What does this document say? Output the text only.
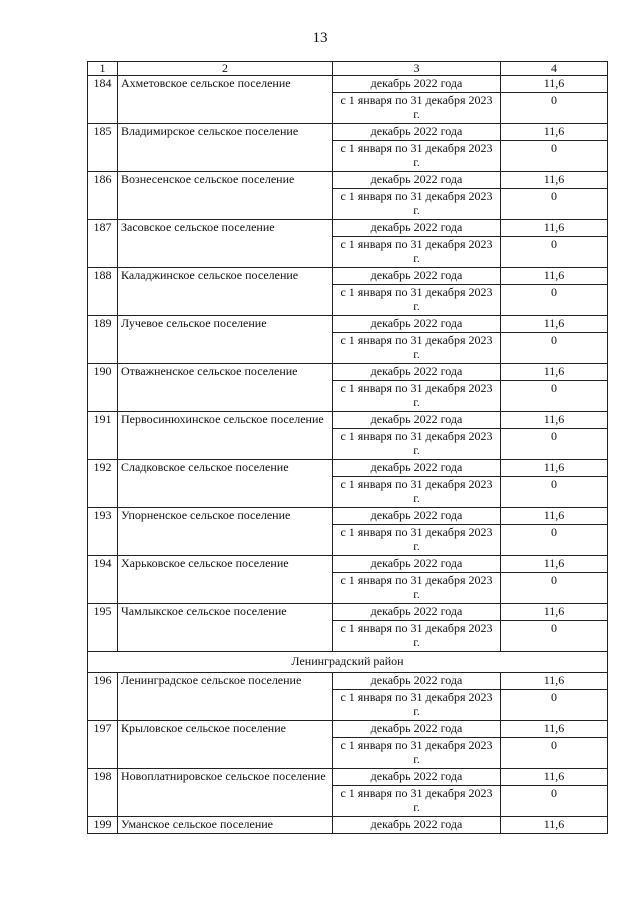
13
1	2	3	4
184	Ахметовское сельское поселение	декабрь 2022 года	11,6
		с 1 января по 31 декабря 2023 г.	0
185	Владимирское сельское поселение	декабрь 2022 года	11,6
		с 1 января по 31 декабря 2023 г.	0
186	Вознесенское сельское поселение	декабрь 2022 года	11,6
		с 1 января по 31 декабря 2023 г.	0
187	Засовское сельское поселение	декабрь 2022 года	11,6
		с 1 января по 31 декабря 2023 г.	0
188	Каладжинское сельское поселение	декабрь 2022 года	11,6
		с 1 января по 31 декабря 2023 г.	0
189	Лучевое сельское поселение	декабрь 2022 года	11,6
		с 1 января по 31 декабря 2023 г.	0
190	Отважненское сельское поселение	декабрь 2022 года	11,6
		с 1 января по 31 декабря 2023 г.	0
191	Первосинюхинское сельское поселение	декабрь 2022 года	11,6
		с 1 января по 31 декабря 2023 г.	0
192	Сладковское сельское поселение	декабрь 2022 года	11,6
		с 1 января по 31 декабря 2023 г.	0
193	Упорненское сельское поселение	декабрь 2022 года	11,6
		с 1 января по 31 декабря 2023 г.	0
194	Харьковское сельское поселение	декабрь 2022 года	11,6
		с 1 января по 31 декабря 2023 г.	0
195	Чамлыкское сельское поселение	декабрь 2022 года	11,6
		с 1 января по 31 декабря 2023 г.	0
Ленинградский район			
196	Ленинградское сельское поселение	декабрь 2022 года	11,6
		с 1 января по 31 декабря 2023 г.	0
197	Крыловское сельское поселение	декабрь 2022 года	11,6
		с 1 января по 31 декабря 2023 г.	0
198	Новоплатнировское сельское поселение	декабрь 2022 года	11,6
		с 1 января по 31 декабря 2023 г.	0
199	Уманское сельское поселение	декабрь 2022 года	11,6
